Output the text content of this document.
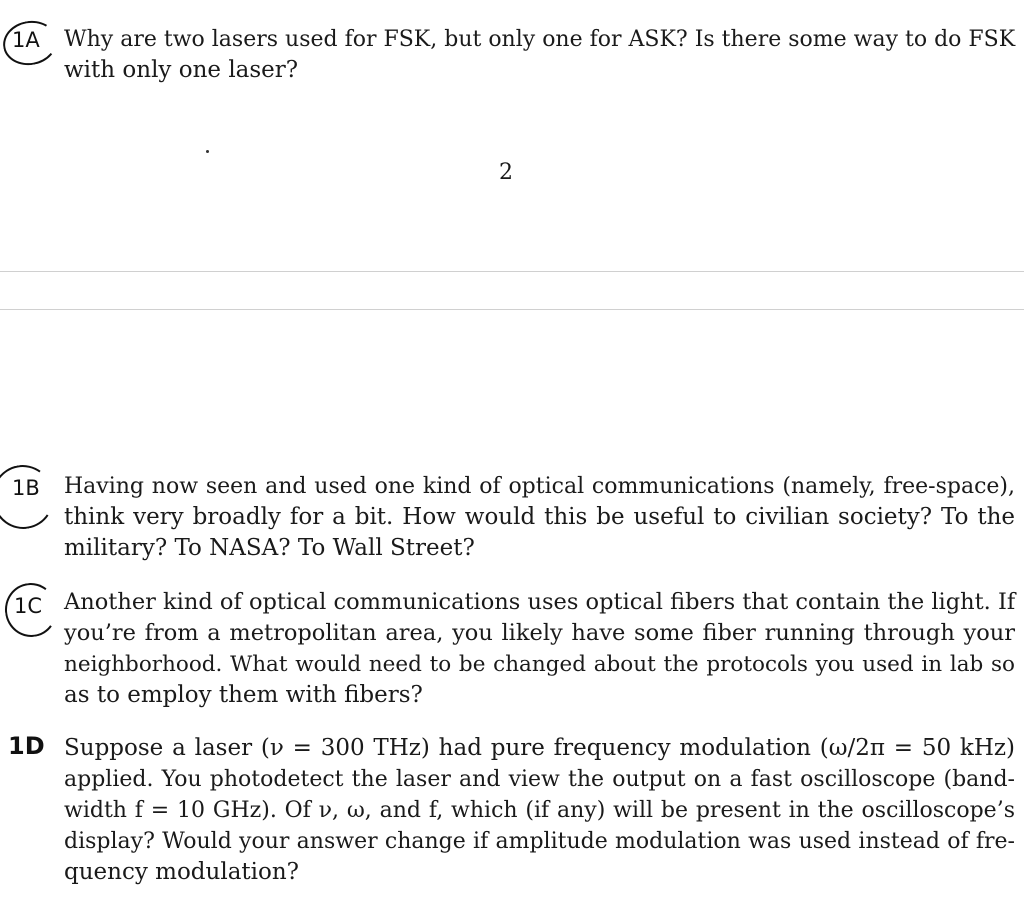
1A
1B
1C
1D

Why are two lasers used for FSK, but only one for ASK? Is there some way to do FSK
with only one laser?

2

Having now seen and used one kind of optical communications (namely, free-space),
think very broadly for a bit. How would this be useful to civilian society? To the
military? To NASA? To Wall Street?

Another kind of optical communications uses optical fibers that contain the light. If
you’re from a metropolitan area, you likely have some fiber running through your
neighborhood. What would need to be changed about the protocols you used in lab so
as to employ them with fibers?

Suppose a laser (ν = 300 THz) had pure frequency modulation (ω/2π = 50 kHz)
applied. You photodetect the laser and view the output on a fast oscilloscope (band-
width f = 10 GHz). Of ν, ω, and f, which (if any) will be present in the oscilloscope’s
display? Would your answer change if amplitude modulation was used instead of fre-
quency modulation?
